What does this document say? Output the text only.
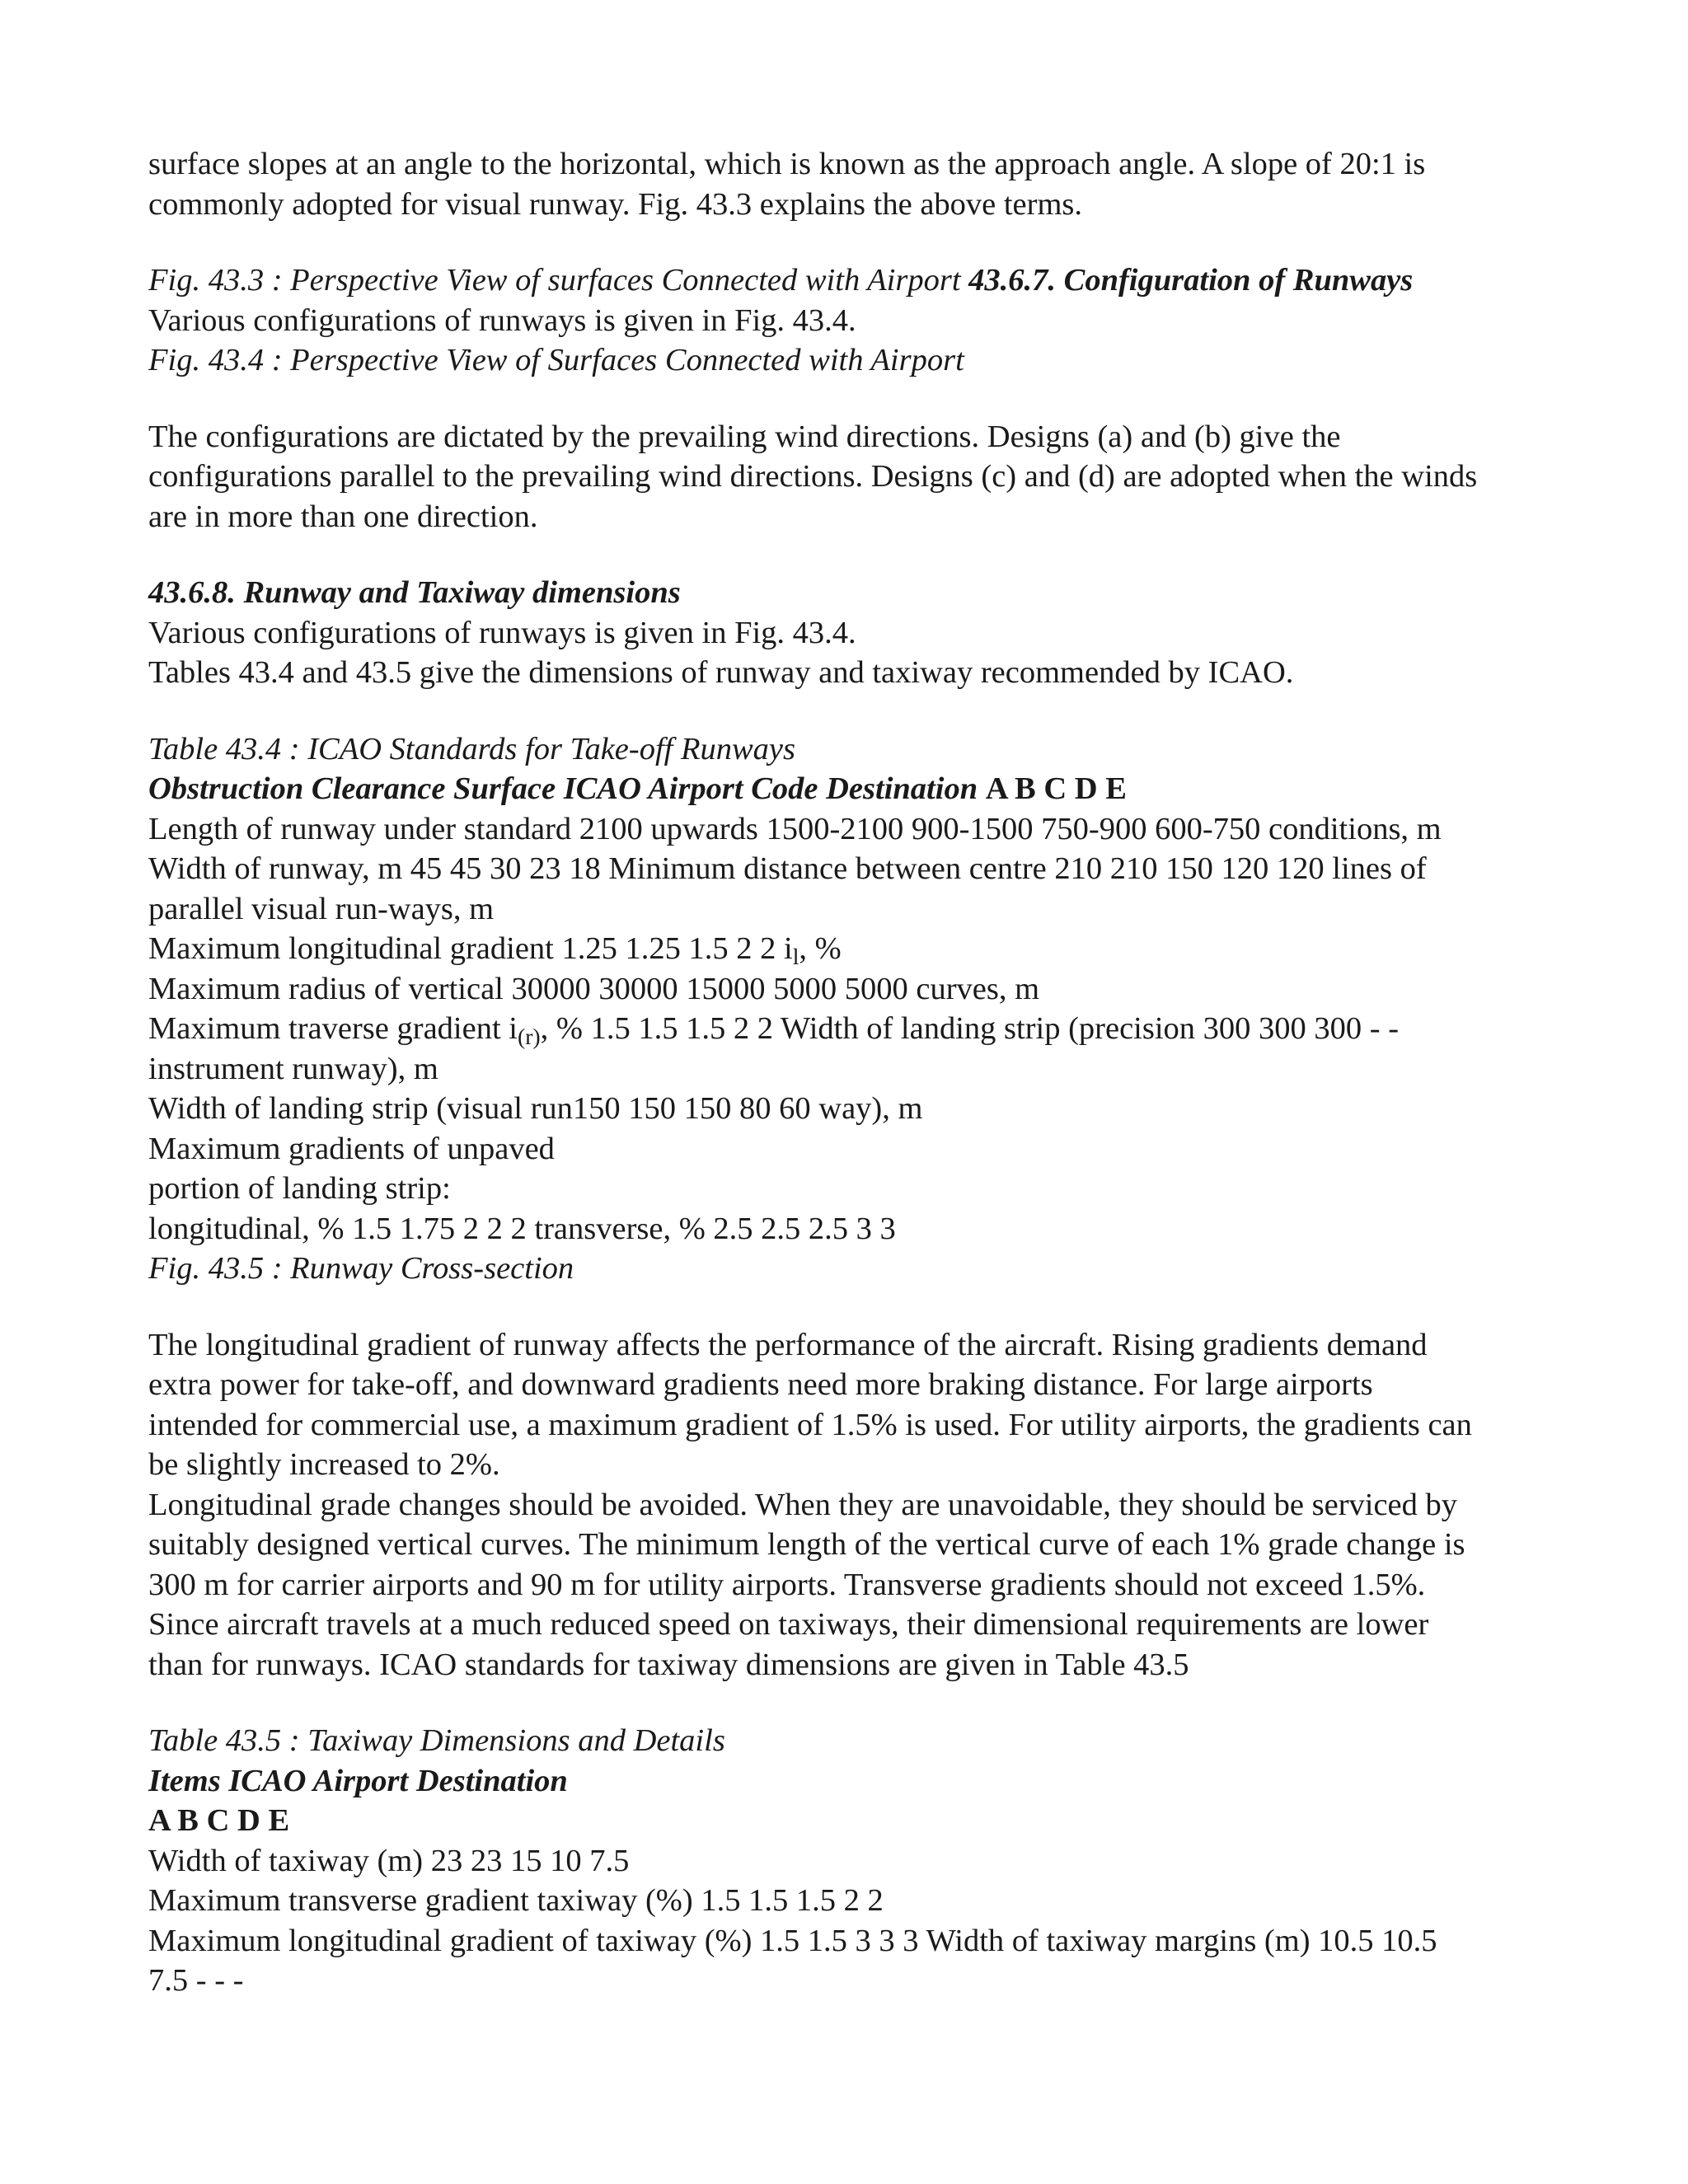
surface slopes at an angle to the horizontal, which is known as the approach angle. A slope of 20:1 is
commonly adopted for visual runway. Fig. 43.3 explains the above terms.
Fig. 43.3 : Perspective View of surfaces Connected with Airport 43.6.7. Configuration of Runways
Various configurations of runways is given in Fig. 43.4.
Fig. 43.4 : Perspective View of Surfaces Connected with Airport
The configurations are dictated by the prevailing wind directions. Designs (a) and (b) give the
configurations parallel to the prevailing wind directions. Designs (c) and (d) are adopted when the winds
are in more than one direction.
43.6.8. Runway and Taxiway dimensions
Various configurations of runways is given in Fig. 43.4.
Tables 43.4 and 43.5 give the dimensions of runway and taxiway recommended by ICAO.
Table 43.4 : ICAO Standards for Take-off Runways
Obstruction Clearance Surface ICAO Airport Code Destination A B C D E
Length of runway under standard 2100 upwards 1500-2100 900-1500 750-900 600-750 conditions, m
Width of runway, m 45 45 30 23 18 Minimum distance between centre 210 210 150 120 120 lines of
parallel visual run-ways, m
Maximum longitudinal gradient 1.25 1.25 1.5 2 2 $i_l$, %
Maximum radius of vertical 30000 30000 15000 5000 5000 curves, m
Maximum traverse gradient $i_{(r)}$, % 1.5 1.5 1.5 2 2 Width of landing strip (precision 300 300 300 - -
instrument runway), m
Width of landing strip (visual run150 150 150 80 60 way), m
Maximum gradients of unpaved
portion of landing strip:
longitudinal, % 1.5 1.75 2 2 2 transverse, % 2.5 2.5 2.5 3 3
Fig. 43.5 : Runway Cross-section
The longitudinal gradient of runway affects the performance of the aircraft. Rising gradients demand
extra power for take-off, and downward gradients need more braking distance. For large airports
intended for commercial use, a maximum gradient of 1.5% is used. For utility airports, the gradients can
be slightly increased to 2%.
Longitudinal grade changes should be avoided. When they are unavoidable, they should be serviced by
suitably designed vertical curves. The minimum length of the vertical curve of each 1% grade change is
300 m for carrier airports and 90 m for utility airports. Transverse gradients should not exceed 1.5%.
Since aircraft travels at a much reduced speed on taxiways, their dimensional requirements are lower
than for runways. ICAO standards for taxiway dimensions are given in Table 43.5
Table 43.5 : Taxiway Dimensions and Details
Items ICAO Airport Destination
A B C D E
Width of taxiway (m) 23 23 15 10 7.5
Maximum transverse gradient taxiway (%) 1.5 1.5 1.5 2 2
Maximum longitudinal gradient of taxiway (%) 1.5 1.5 3 3 3 Width of taxiway margins (m) 10.5 10.5
7.5 - - -
